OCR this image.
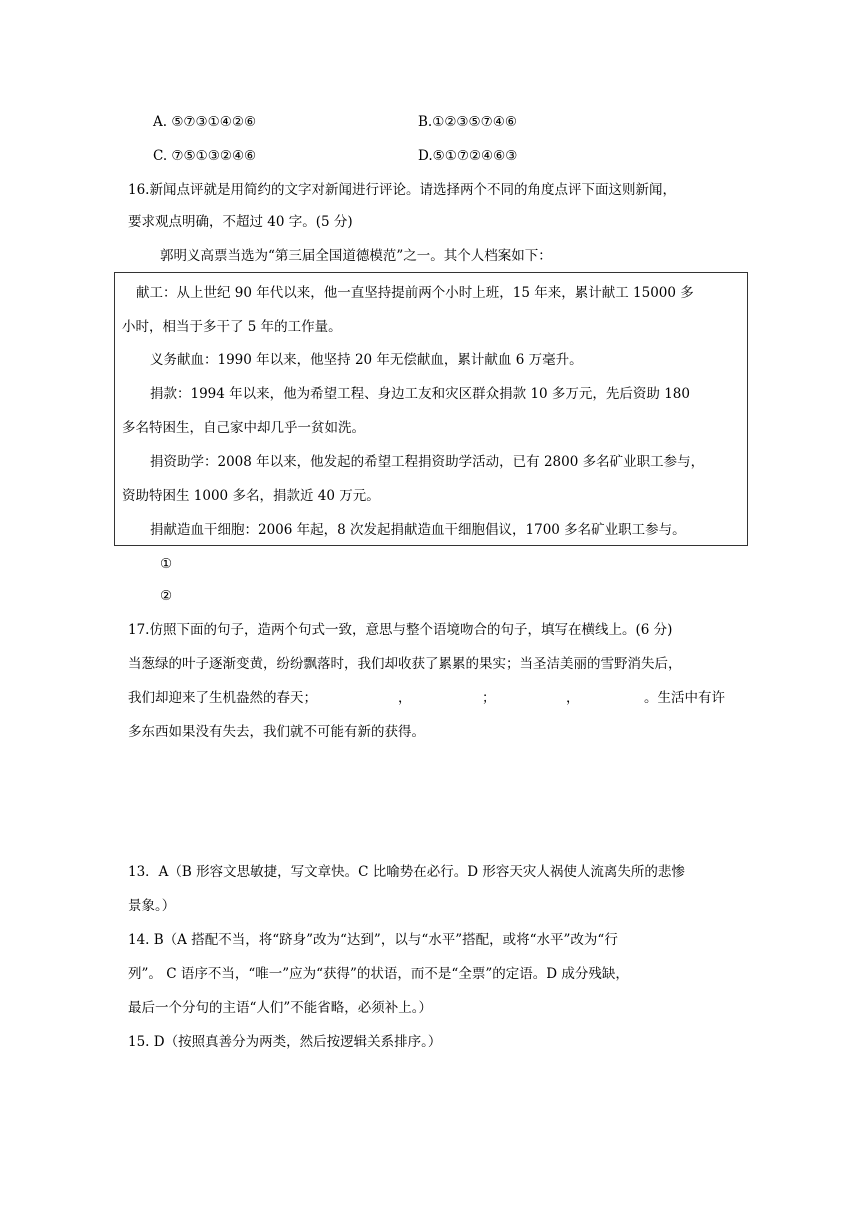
A. ⑤⑦③①④②⑥	B.①②③⑤⑦④⑥
C. ⑦⑤①③②④⑥	D.⑤①⑦②④⑥③
16.新闻点评就是用简约的文字对新闻进行评论。请选择两个不同的角度点评下面这则新闻，
要求观点明确，不超过 40 字。(5 分)
郭明义高票当选为“第三届全国道德模范”之一。其个人档案如下：
献工：从上世纪 90 年代以来，他一直坚持提前两个小时上班，15 年来，累计献工 15000 多
小时，相当于多干了 5 年的工作量。
义务献血：1990 年以来，他坚持 20 年无偿献血，累计献血 6 万毫升。
捐款：1994 年以来，他为希望工程、身边工友和灾区群众捐款 10 多万元，先后资助 180
多名特困生，自己家中却几乎一贫如洗。
捐资助学：2008 年以来，他发起的希望工程捐资助学活动，已有 2800 多名矿业职工参与，
资助特困生 1000 多名，捐款近 40 万元。
捐献造血干细胞：2006 年起，8 次发起捐献造血干细胞倡议，1700 多名矿业职工参与。
①
②
17.仿照下面的句子，造两个句式一致，意思与整个语境吻合的句子，填写在横线上。(6 分)
当葱绿的叶子逐渐变黄，纷纷飘落时，我们却收获了累累的果实；当圣洁美丽的雪野消失后，
我们却迎来了生机盎然的春天；	，	；	，	。生活中有许
多东西如果没有失去，我们就不可能有新的获得。
13．A（B 形容文思敏捷，写文章快。C 比喻势在必行。D 形容天灾人祸使人流离失所的悲惨
景象。）
14. B（A 搭配不当，将“跻身”改为“达到”，以与“水平”搭配，或将“水平”改为“行
列”。 C 语序不当，“唯一”应为“获得”的状语，而不是“全票”的定语。D 成分残缺，
最后一个分句的主语“人们”不能省略，必须补上。）
15. D（按照真善分为两类，然后按逻辑关系排序。）
